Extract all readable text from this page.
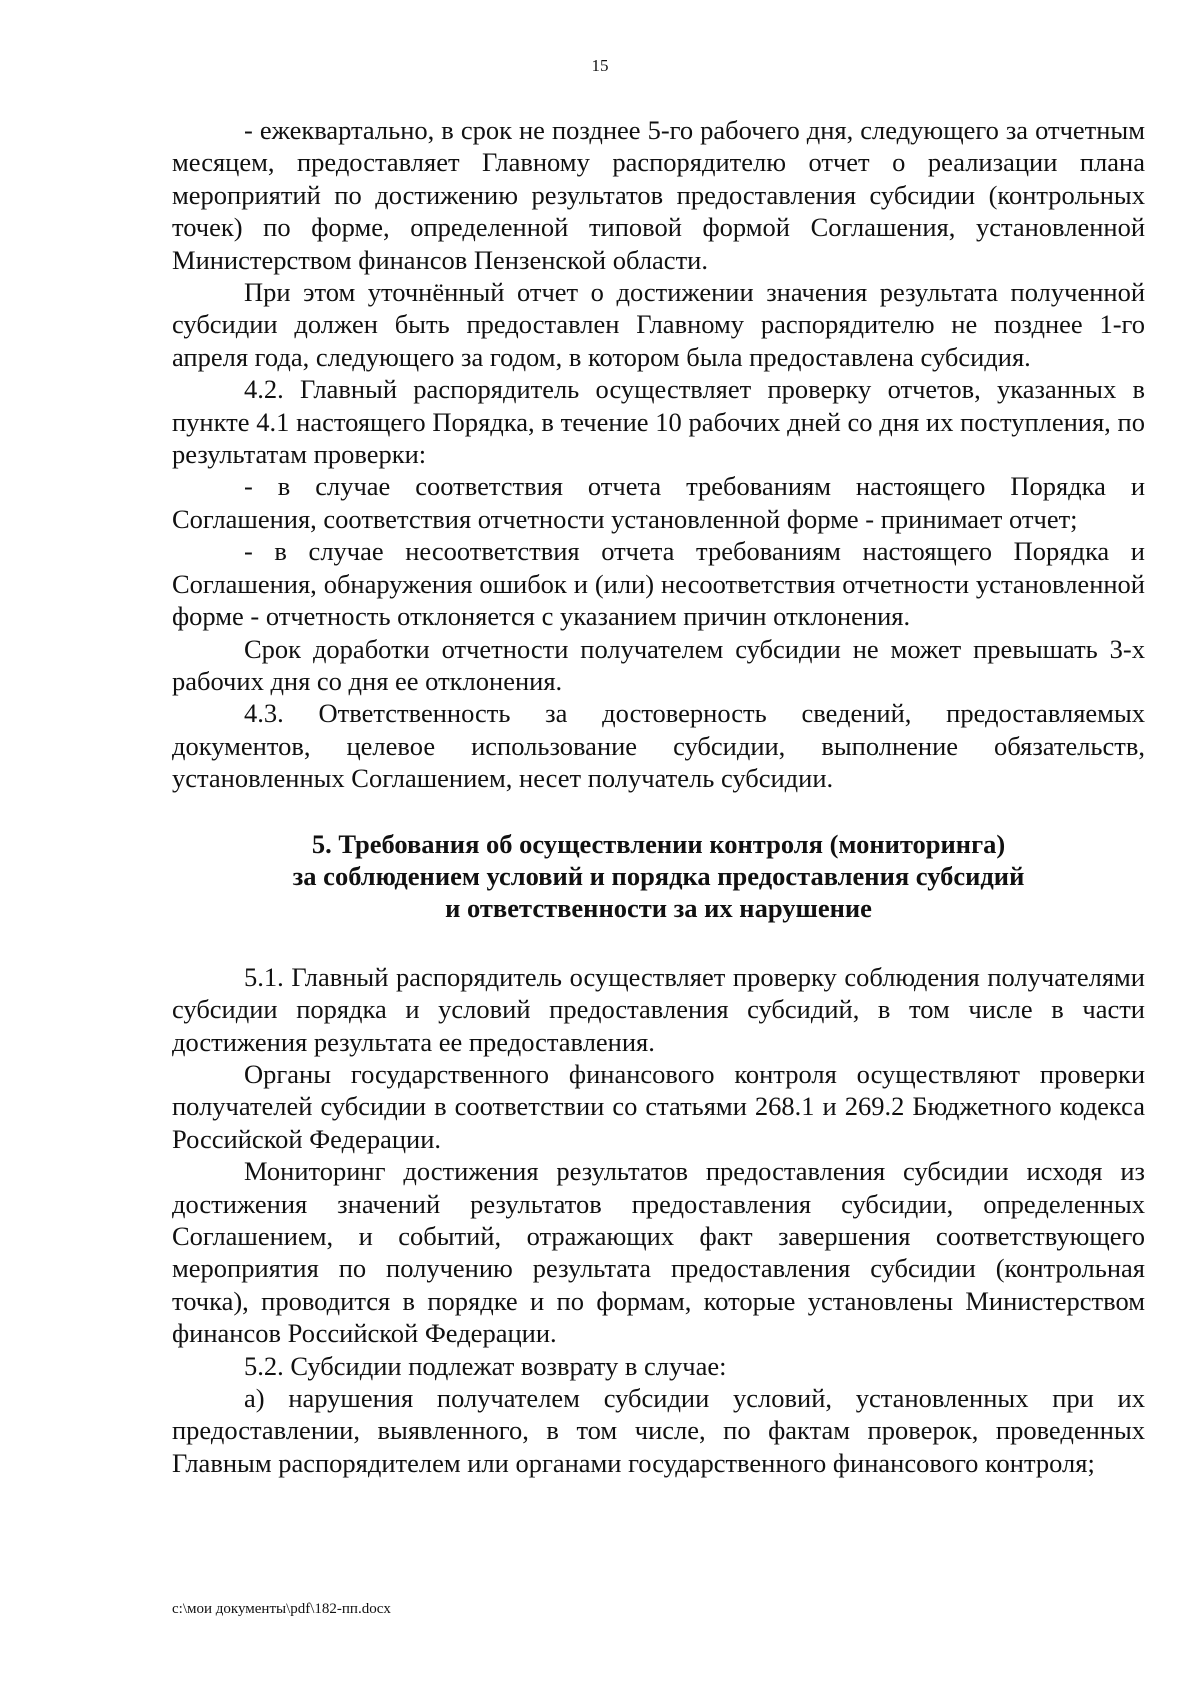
15

- ежеквартально, в срок не позднее 5-го рабочего дня, следующего за отчетным месяцем, предоставляет Главному распорядителю отчет о реализации плана мероприятий по достижению результатов предоставления субсидии (контрольных точек) по форме, определенной типовой формой Соглашения, установленной Министерством финансов Пензенской области.

При этом уточнённый отчет о достижении значения результата полученной субсидии должен быть предоставлен Главному распорядителю не позднее 1-го апреля года, следующего за годом, в котором была предоставлена субсидия.

4.2. Главный распорядитель осуществляет проверку отчетов, указанных в пункте 4.1 настоящего Порядка, в течение 10 рабочих дней со дня их поступления, по результатам проверки:

- в случае соответствия отчета требованиям настоящего Порядка и Соглашения, соответствия отчетности установленной форме - принимает отчет;

- в случае несоответствия отчета требованиям настоящего Порядка и Соглашения, обнаружения ошибок и (или) несоответствия отчетности установленной форме - отчетность отклоняется с указанием причин отклонения.

Срок доработки отчетности получателем субсидии не может превышать 3-х рабочих дня со дня ее отклонения.

4.3. Ответственность за достоверность сведений, предоставляемых документов, целевое использование субсидии, выполнение обязательств, установленных Соглашением, несет получатель субсидии.

5. Требования об осуществлении контроля (мониторинга)
за соблюдением условий и порядка предоставления субсидий
и ответственности за их нарушение

5.1. Главный распорядитель осуществляет проверку соблюдения получателями субсидии порядка и условий предоставления субсидий, в том числе в части достижения результата ее предоставления.

Органы государственного финансового контроля осуществляют проверки получателей субсидии в соответствии со статьями 268.1 и 269.2 Бюджетного кодекса Российской Федерации.

Мониторинг достижения результатов предоставления субсидии исходя из достижения значений результатов предоставления субсидии, определенных Соглашением, и событий, отражающих факт завершения соответствующего мероприятия по получению результата предоставления субсидии (контрольная точка), проводится в порядке и по формам, которые установлены Министерством финансов Российской Федерации.

5.2. Субсидии подлежат возврату в случае:

а) нарушения получателем субсидии условий, установленных при их предоставлении, выявленного, в том числе, по фактам проверок, проведенных Главным распорядителем или органами государственного финансового контроля;

c:\мои документы\pdf\182-пп.docx
